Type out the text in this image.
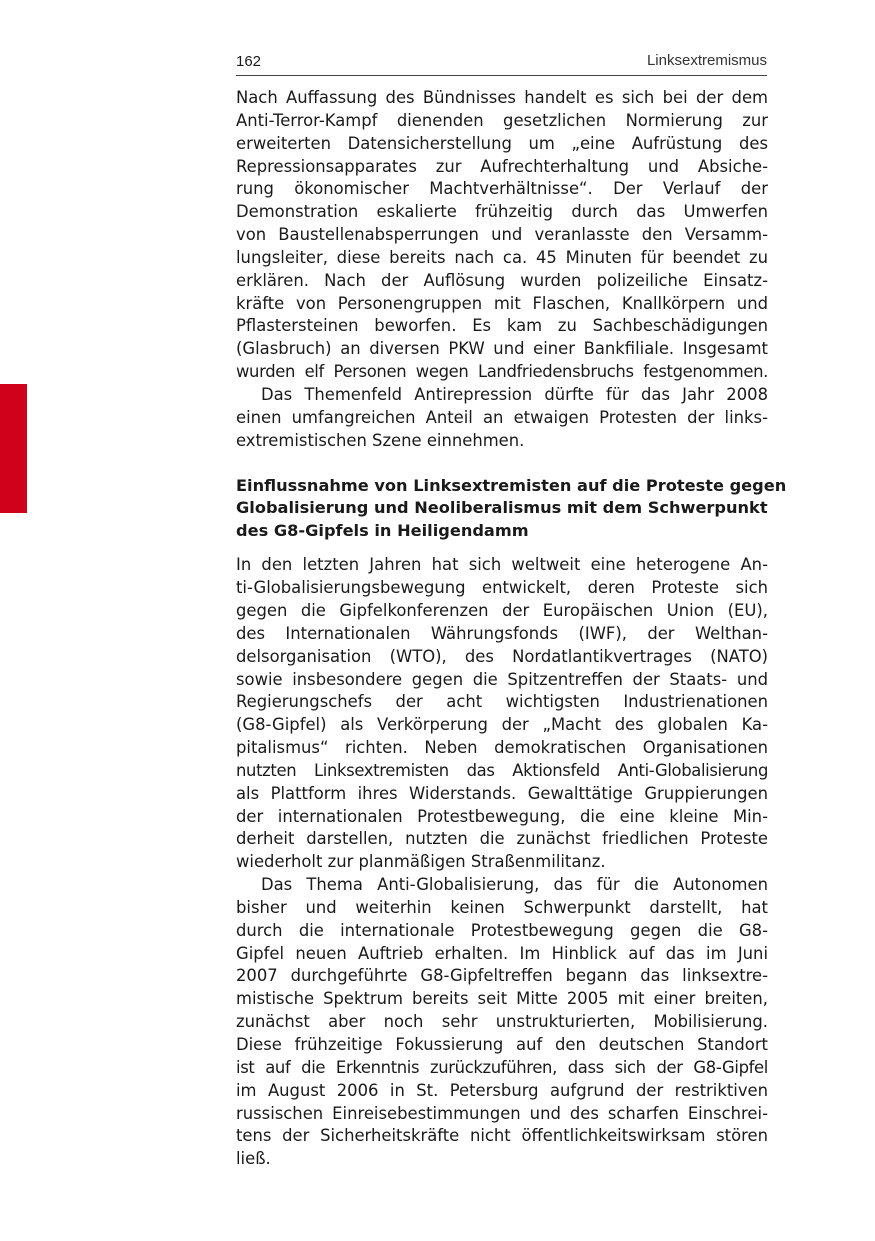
162	Linksextremismus
Nach Auffassung des Bündnisses handelt es sich bei der dem
Anti-Terror-Kampf dienenden gesetzlichen Normierung zur
erweiterten Datensicherstellung um „eine Aufrüstung des
Repressionsapparates zur Aufrechterhaltung und Absiche-
rung ökonomischer Machtverhältnisse“. Der Verlauf der
Demonstration eskalierte frühzeitig durch das Umwerfen
von Baustellenabsperrungen und veranlasste den Versamm-
lungsleiter, diese bereits nach ca. 45 Minuten für beendet zu
erklären. Nach der Auflösung wurden polizeiliche Einsatz-
kräfte von Personengruppen mit Flaschen, Knallkörpern und
Pflastersteinen beworfen. Es kam zu Sachbeschädigungen
(Glasbruch) an diversen PKW und einer Bankfiliale. Insgesamt
wurden elf Personen wegen Landfriedensbruchs festgenommen.
Das Themenfeld Antirepression dürfte für das Jahr 2008
einen umfangreichen Anteil an etwaigen Protesten der links-
extremistischen Szene einnehmen.
Einflussnahme von Linksextremisten auf die Proteste gegen
Globalisierung und Neoliberalismus mit dem Schwerpunkt
des G8-Gipfels in Heiligendamm
In den letzten Jahren hat sich weltweit eine heterogene An-
ti-Globalisierungsbewegung entwickelt, deren Proteste sich
gegen die Gipfelkonferenzen der Europäischen Union (EU),
des Internationalen Währungsfonds (IWF), der Welthan-
delsorganisation (WTO), des Nordatlantikvertrages (NATO)
sowie insbesondere gegen die Spitzentreffen der Staats- und
Regierungschefs der acht wichtigsten Industrienationen
(G8-Gipfel) als Verkörperung der „Macht des globalen Ka-
pitalismus“ richten. Neben demokratischen Organisationen
nutzten Linksextremisten das Aktionsfeld Anti-Globalisierung
als Plattform ihres Widerstands. Gewalttätige Gruppierungen
der internationalen Protestbewegung, die eine kleine Min-
derheit darstellen, nutzten die zunächst friedlichen Proteste
wiederholt zur planmäßigen Straßenmilitanz.
Das Thema Anti-Globalisierung, das für die Autonomen
bisher und weiterhin keinen Schwerpunkt darstellt, hat
durch die internationale Protestbewegung gegen die G8-
Gipfel neuen Auftrieb erhalten. Im Hinblick auf das im Juni
2007 durchgeführte G8-Gipfeltreffen begann das linksextre-
mistische Spektrum bereits seit Mitte 2005 mit einer breiten,
zunächst aber noch sehr unstrukturierten, Mobilisierung.
Diese frühzeitige Fokussierung auf den deutschen Standort
ist auf die Erkenntnis zurückzuführen, dass sich der G8-Gipfel
im August 2006 in St. Petersburg aufgrund der restriktiven
russischen Einreisebestimmungen und des scharfen Einschrei-
tens der Sicherheitskräfte nicht öffentlichkeitswirksam stören
ließ.
